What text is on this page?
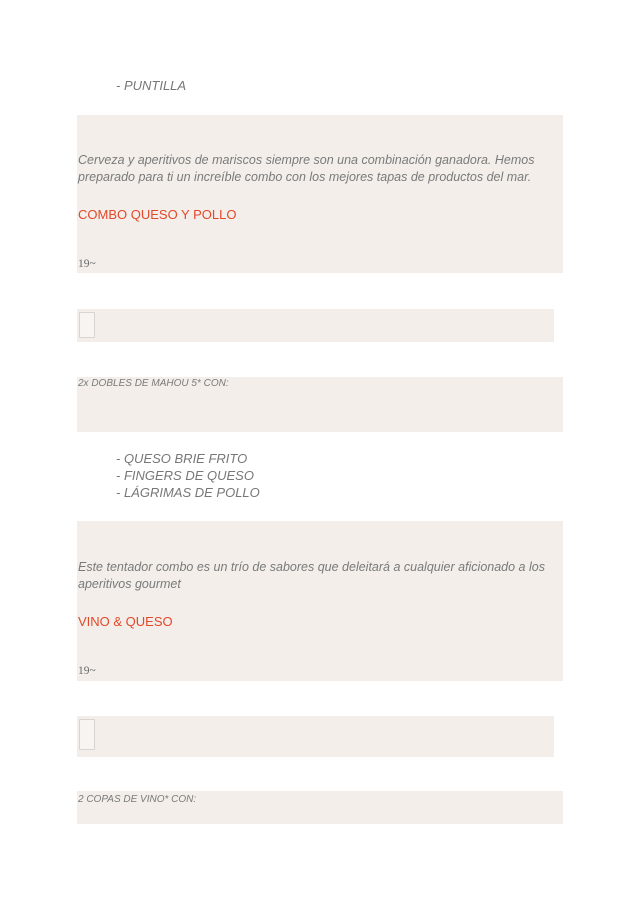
- PUNTILLA
Cerveza y aperitivos de mariscos siempre son una combinación ganadora. Hemos preparado para ti un increíble combo con los mejores tapas de productos del mar.
COMBO QUESO Y POLLO
19~
2x DOBLES DE MAHOU 5* CON:
- QUESO BRIE FRITO
- FINGERS DE QUESO
- LÁGRIMAS DE POLLO
Este tentador combo es un trío de sabores que deleitará a cualquier aficionado a los aperitivos gourmet
VINO & QUESO
19~
2 COPAS DE VINO* CON:
